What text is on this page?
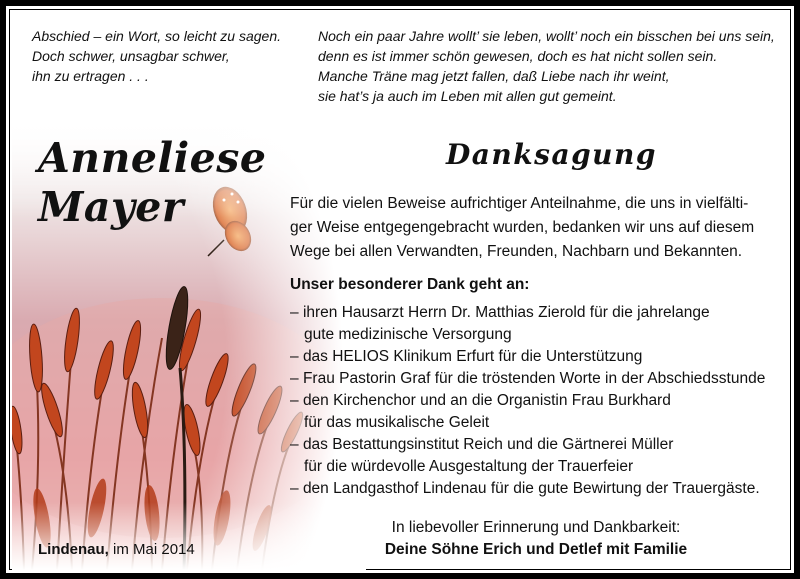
Abschied – ein Wort, so leicht zu sagen.
Doch schwer, unsagbar schwer,
ihn zu ertragen . . .
Noch ein paar Jahre wollt’ sie leben, wollt’ noch ein bisschen bei uns sein,
denn es ist immer schön gewesen, doch es hat nicht sollen sein.
Manche Träne mag jetzt fallen, daß Liebe nach ihr weint,
sie hat’s ja auch im Leben mit allen gut gemeint.
Anneliese
Mayer
Danksagung
Für die vielen Beweise aufrichtiger Anteilnahme, die uns in vielfälti-
ger Weise entgegengebracht wurden, bedanken wir uns auf diesem
Wege bei allen Verwandten, Freunden, Nachbarn und Bekannten.
Unser besonderer Dank geht an:
– ihren Hausarzt Herrn Dr. Matthias Zierold für die jahrelange
gute medizinische Versorgung
– das HELIOS Klinikum Erfurt für die Unterstützung
– Frau Pastorin Graf für die tröstenden Worte in der Abschiedsstunde
– den Kirchenchor und an die Organistin Frau Burkhard
für das musikalische Geleit
– das Bestattungsinstitut Reich und die Gärtnerei Müller
für die würdevolle Ausgestaltung der Trauerfeier
– den Landgasthof Lindenau für die gute Bewirtung der Trauergäste.
Lindenau, im Mai 2014
In liebevoller Erinnerung und Dankbarkeit:
Deine Söhne Erich und Detlef mit Familie
